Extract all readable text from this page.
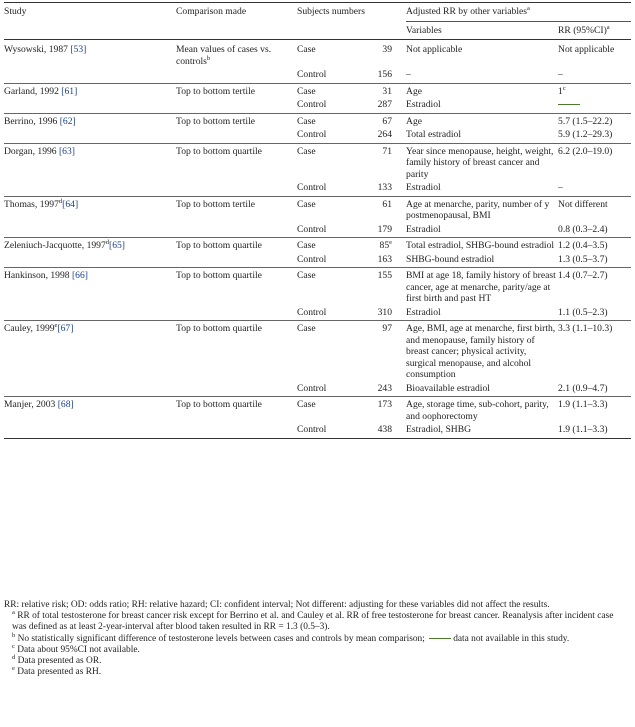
Study	Comparison made	Subjects numbers		Adjusted RR by other variables$^a$
				Variables	RR $(95\%CI)^a$
Wysowski, 1987 [53]	Mean values of cases vs. controls$^b$	Case	39	Not applicable	Not applicable
		Control	156	–	–
Garland, 1992 [61]	Top to bottom tertile	Case	31	Age	1$^c$
		Control	287	Estradiol	
Berrino, 1996 [62]	Top to bottom tertile	Case	67	Age	5.7 (1.5–22.2)
		Control	264	Total estradiol	5.9 (1.2–29.3)
Dorgan, 1996 [63]	Top to bottom quartile	Case	71	Year since menopause, height, weight, family history of breast cancer and parity	6.2 (2.0–19.0)
		Control	133	Estradiol	–
Thomas, 1997$^d$[64]	Top to bottom tertile	Case	61	Age at menarche, parity, number of y postmenopausal, BMI	Not different
		Control	179	Estradiol	0.8 (0.3–2.4)
Zeleniuch-Jacquotte, 1997$^d$[65]	Top to bottom quartile	Case	85e	Total estradiol, SHBG-bound estradiol	1.2 (0.4–3.5)
		Control	163	SHBG-bound estradiol	1.3 (0.5–3.7)
Hankinson, 1998 [66]	Top to bottom quartile	Case	155	BMI at age 18, family history of breast cancer, age at menarche, parity/age at first birth and past HT	1.4 (0.7–2.7)
		Control	310	Estradiol	1.1 (0.5–2.3)
Cauley, 1999e[67]	Top to bottom quartile	Case	97	Age, BMI, age at menarche, first birth, and menopause, family history of breast cancer; physical activity, surgical menopause, and alcohol consumption	3.3 (1.1–10.3)
		Control	243	Bioavailable estradiol	2.1 (0.9–4.7)
Manjer, 2003 [68]	Top to bottom quartile	Case	173	Age, storage time, sub-cohort, parity, and oophorectomy	1.9 (1.1–3.3)
		Control	438	Estradiol, SHBG	1.9 (1.1–3.3)

RR: relative risk; OD: odds ratio; RH: relative hazard; CI: confident interval; Not different: adjusting for these variables did not affect the results.

$^a$ RR of total testosterone for breast cancer risk except for Berrino et al. and Cauley et al. RR of free testosterone for breast cancer. Reanalysis after incident case was defined as at least 2-year-interval after blood taken resulted in RR = 1.3 (0.5–3).

$^b$ No statistically significant difference of testosterone levels between cases and controls by mean comparison;	data not available in this study.

$^c$ Data about 95%CI not available.

$^d$ Data presented as OR.

$^e$ Data presented as RH.
